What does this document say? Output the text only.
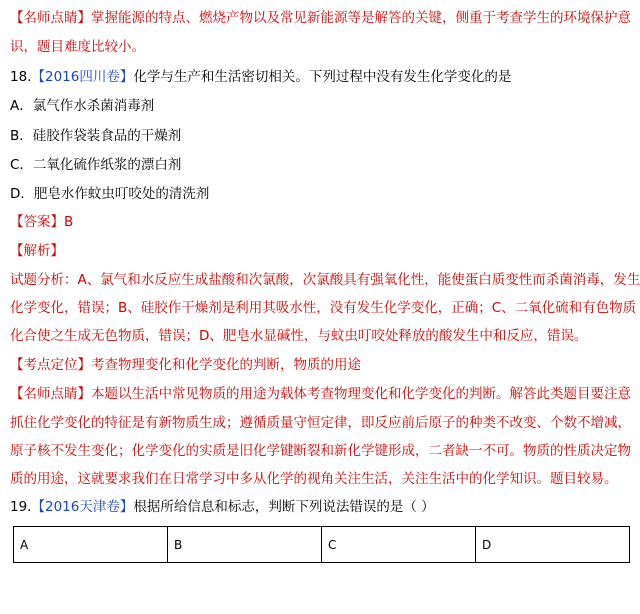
【名师点睛】掌握能源的特点、燃烧产物以及常见新能源等是解答的关键，侧重于考查学生的环境保护意
识，题目难度比较小。
18.【2016四川卷】化学与生产和生活密切相关。下列过程中没有发生化学变化的是
A．氯气作水杀菌消毒剂
B．硅胶作袋装食品的干燥剂
C．二氧化硫作纸浆的漂白剂
D．肥皂水作蚊虫叮咬处的清洗剂
【答案】B
【解析】
试题分析：A、氯气和水反应生成盐酸和次氯酸，次氯酸具有强氧化性，能使蛋白质变性而杀菌消毒，发生
化学变化，错误；B、硅胶作干燥剂是利用其吸水性，没有发生化学变化，正确；C、二氧化硫和有色物质
化合使之生成无色物质，错误；D、肥皂水显碱性，与蚊虫叮咬处释放的酸发生中和反应，错误。
【考点定位】考查物理变化和化学变化的判断，物质的用途
【名师点睛】本题以生活中常见物质的用途为载体考查物理变化和化学变化的判断。解答此类题目要注意
抓住化学变化的特征是有新物质生成；遵循质量守恒定律，即反应前后原子的种类不改变、个数不增减，
原子核不发生变化；化学变化的实质是旧化学键断裂和新化学键形成，二者缺一不可。物质的性质决定物
质的用途，这就要求我们在日常学习中多从化学的视角关注生活，关注生活中的化学知识。题目较易。
19.【2016天津卷】根据所给信息和标志，判断下列说法错误的是（ ）
A	B	C	D
